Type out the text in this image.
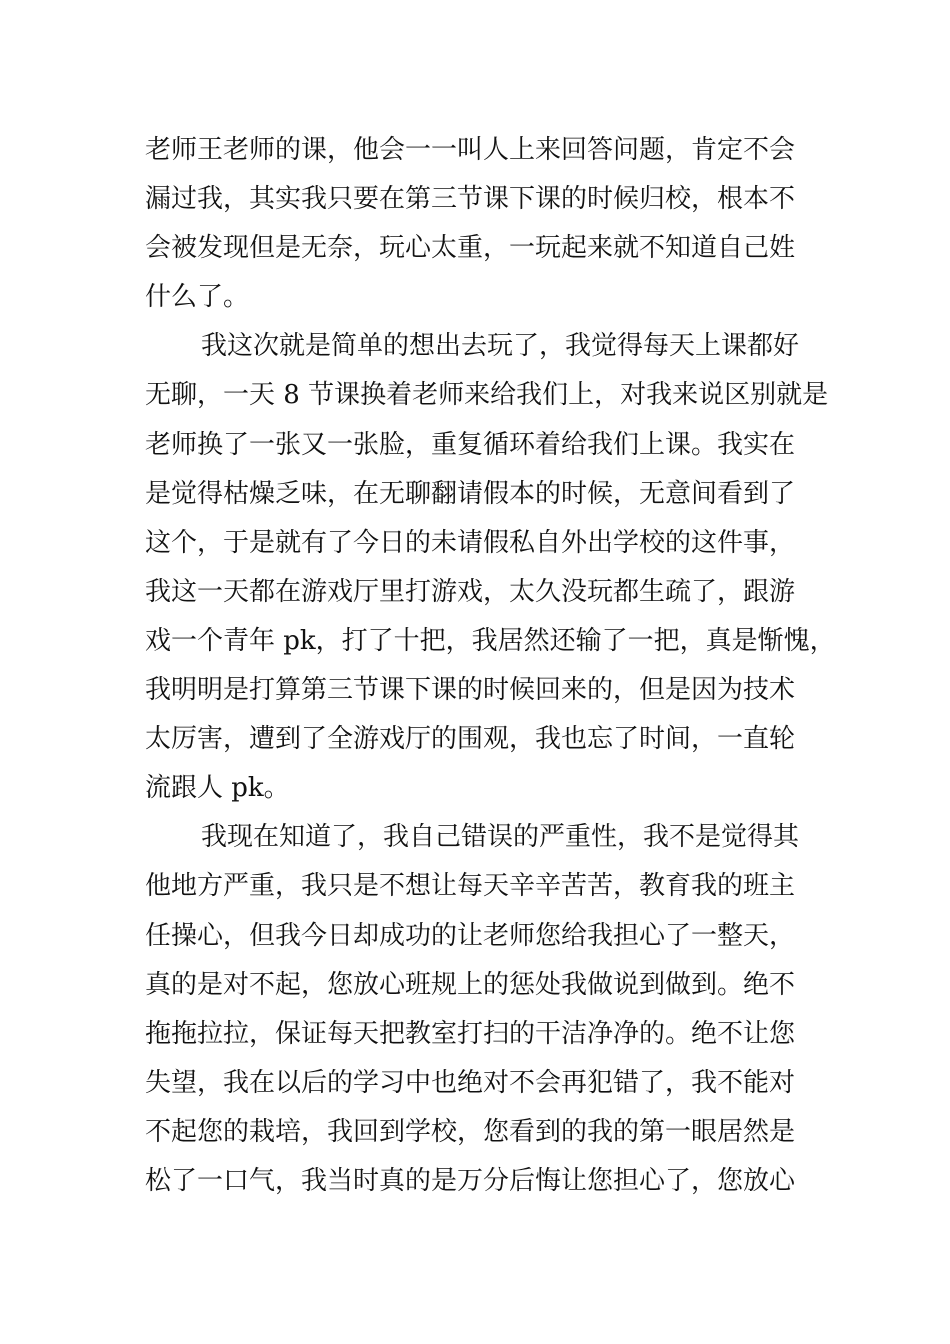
老师王老师的课，他会一一叫人上来回答问题，肯定不会
漏过我，其实我只要在第三节课下课的时候归校，根本不
会被发现但是无奈，玩心太重，一玩起来就不知道自己姓
什么了。
我这次就是简单的想出去玩了，我觉得每天上课都好
无聊，一天 8 节课换着老师来给我们上，对我来说区别就是
老师换了一张又一张脸，重复循环着给我们上课。我实在
是觉得枯燥乏味，在无聊翻请假本的时候，无意间看到了
这个，于是就有了今日的未请假私自外出学校的这件事，
我这一天都在游戏厅里打游戏，太久没玩都生疏了，跟游
戏一个青年 pk，打了十把，我居然还输了一把，真是惭愧，
我明明是打算第三节课下课的时候回来的，但是因为技术
太厉害，遭到了全游戏厅的围观，我也忘了时间，一直轮
流跟人 pk。
我现在知道了，我自己错误的严重性，我不是觉得其
他地方严重，我只是不想让每天辛辛苦苦，教育我的班主
任操心，但我今日却成功的让老师您给我担心了一整天，
真的是对不起，您放心班规上的惩处我做说到做到。绝不
拖拖拉拉，保证每天把教室打扫的干洁净净的。绝不让您
失望，我在以后的学习中也绝对不会再犯错了，我不能对
不起您的栽培，我回到学校，您看到的我的第一眼居然是
松了一口气，我当时真的是万分后悔让您担心了，您放心
